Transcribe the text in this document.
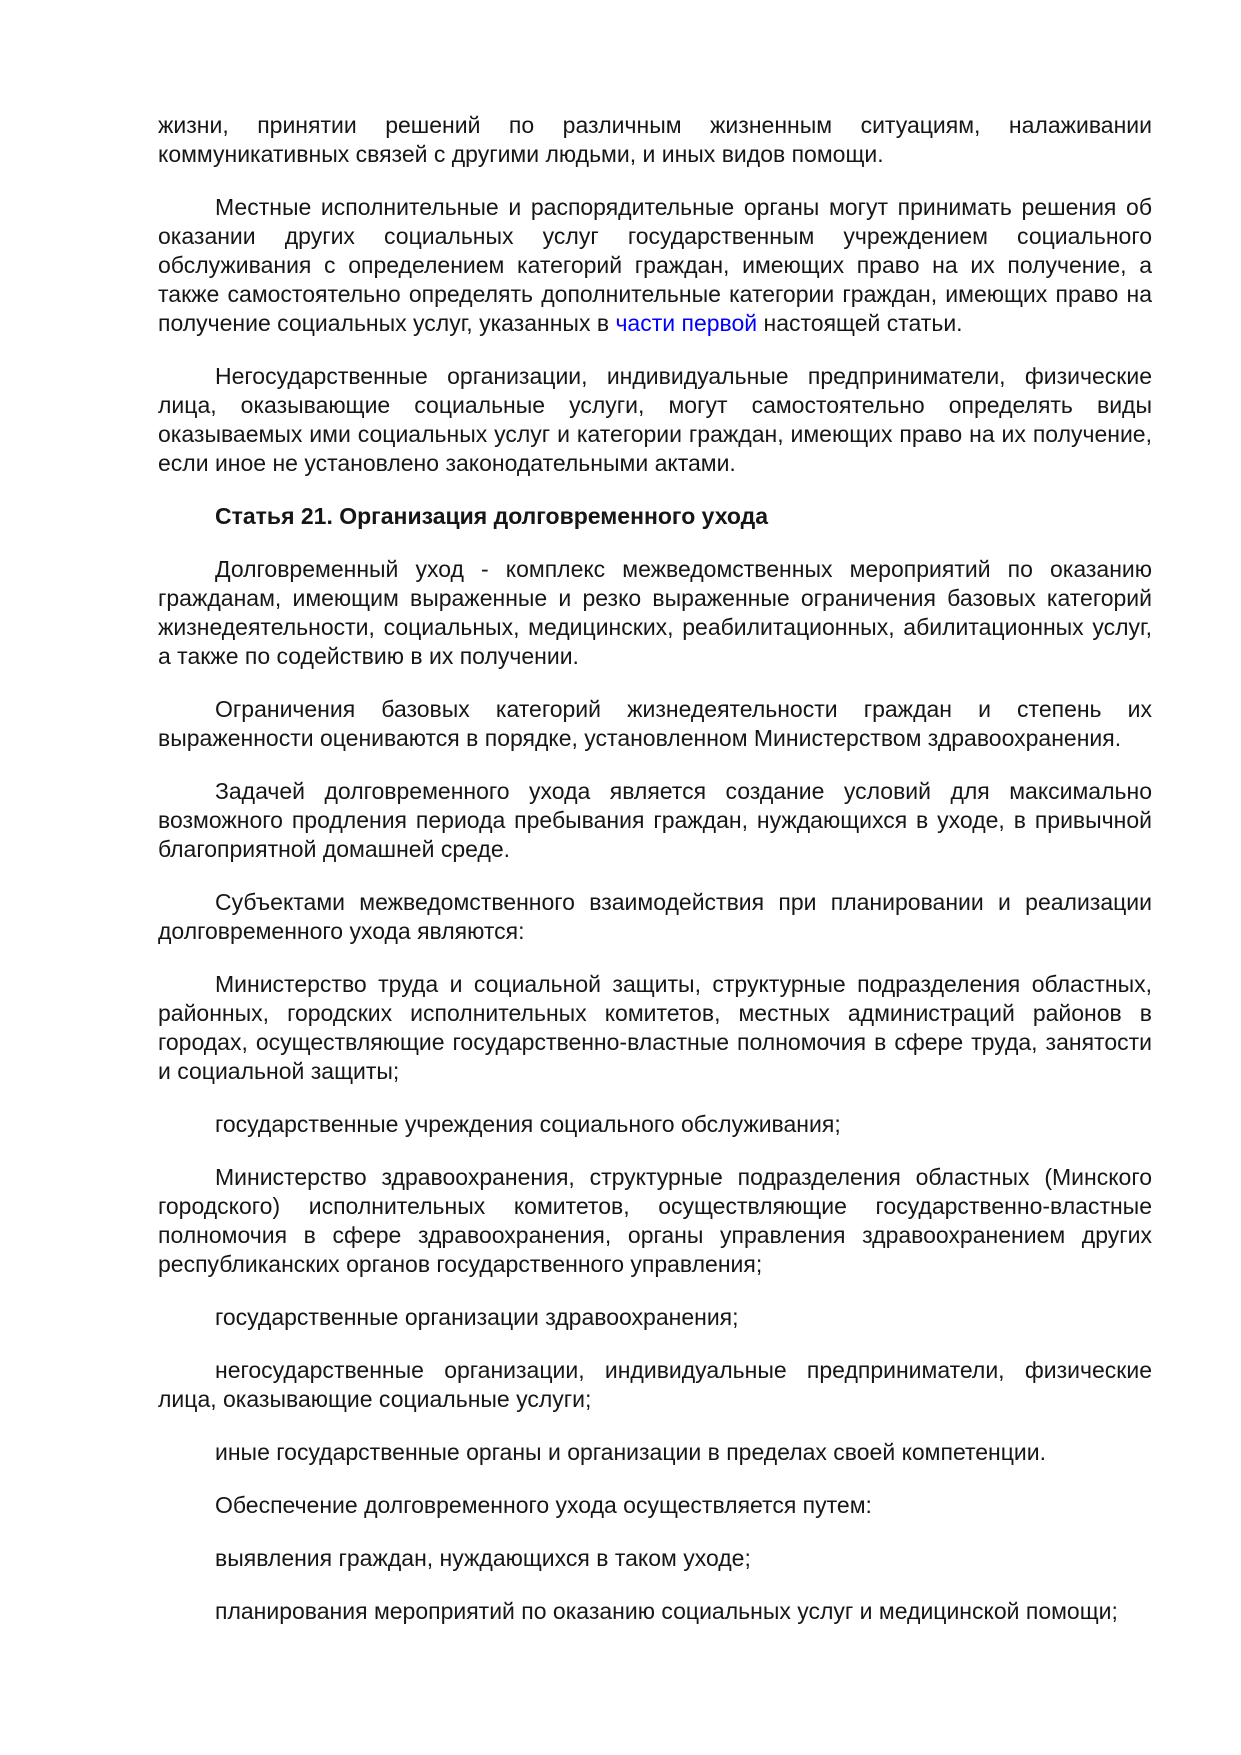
жизни, принятии решений по различным жизненным ситуациям, налаживании коммуникативных связей с другими людьми, и иных видов помощи.

Местные исполнительные и распорядительные органы могут принимать решения об оказании других социальных услуг государственным учреждением социального обслуживания с определением категорий граждан, имеющих право на их получение, а также самостоятельно определять дополнительные категории граждан, имеющих право на получение социальных услуг, указанных в части первой настоящей статьи.

Негосударственные организации, индивидуальные предприниматели, физические лица, оказывающие социальные услуги, могут самостоятельно определять виды оказываемых ими социальных услуг и категории граждан, имеющих право на их получение, если иное не установлено законодательными актами.

Статья 21. Организация долговременного ухода

Долговременный уход - комплекс межведомственных мероприятий по оказанию гражданам, имеющим выраженные и резко выраженные ограничения базовых категорий жизнедеятельности, социальных, медицинских, реабилитационных, абилитационных услуг, а также по содействию в их получении.

Ограничения базовых категорий жизнедеятельности граждан и степень их выраженности оцениваются в порядке, установленном Министерством здравоохранения.

Задачей долговременного ухода является создание условий для максимально возможного продления периода пребывания граждан, нуждающихся в уходе, в привычной благоприятной домашней среде.

Субъектами межведомственного взаимодействия при планировании и реализации долговременного ухода являются:

Министерство труда и социальной защиты, структурные подразделения областных, районных, городских исполнительных комитетов, местных администраций районов в городах, осуществляющие государственно-властные полномочия в сфере труда, занятости и социальной защиты;

государственные учреждения социального обслуживания;

Министерство здравоохранения, структурные подразделения областных (Минского городского) исполнительных комитетов, осуществляющие государственно-властные полномочия в сфере здравоохранения, органы управления здравоохранением других республиканских органов государственного управления;

государственные организации здравоохранения;

негосударственные организации, индивидуальные предприниматели, физические лица, оказывающие социальные услуги;

иные государственные органы и организации в пределах своей компетенции.

Обеспечение долговременного ухода осуществляется путем:

выявления граждан, нуждающихся в таком уходе;

планирования мероприятий по оказанию социальных услуг и медицинской помощи;
